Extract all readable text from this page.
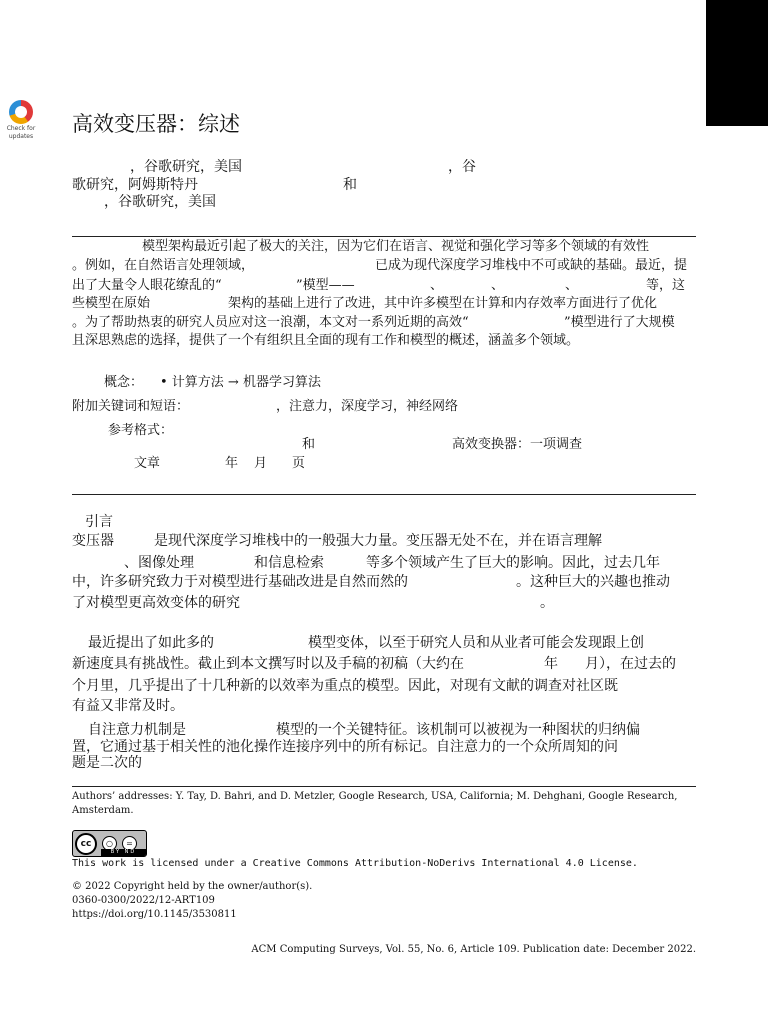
Check for
updates
高效变压器：综述
，谷歌研究，美国	，谷
歌研究，阿姆斯特丹	和
，谷歌研究，美国
模型架构最近引起了极大的关注，因为它们在语言、视觉和强化学习等多个领域的有效性
。例如，在自然语言处理领域，	已成为现代深度学习堆栈中不可或缺的基础。最近，提
出了大量令人眼花缭乱的“	”模型——	、	、	、	等，这
些模型在原始	架构的基础上进行了改进，其中许多模型在计算和内存效率方面进行了优化
。为了帮助热衷的研究人员应对这一浪潮，本文对一系列近期的高效“	”模型进行了大规模
且深思熟虑的选择，提供了一个有组织且全面的现有工作和模型的概述，涵盖多个领域。
概念： • 计算方法 → 机器学习算法
附加关键词和短语：	，注意力，深度学习，神经网络
参考格式：
和	高效变换器：一项调查
文章	年 月 页
引言
变压器	是现代深度学习堆栈中的一般强大力量。变压器无处不在，并在语言理解
、图像处理	和信息检索	等多个领域产生了巨大的影响。因此，过去几年
中，许多研究致力于对模型进行基础改进是自然而然的	。这种巨大的兴趣也推动
了对模型更高效变体的研究	。
最近提出了如此多的	模型变体，以至于研究人员和从业者可能会发现跟上创
新速度具有挑战性。截止到本文撰写时以及手稿的初稿（大约在	年 月），在过去的
个月里，几乎提出了十几种新的以效率为重点的模型。因此，对现有文献的调查对社区既
有益又非常及时。
自注意力机制是	模型的一个关键特征。该机制可以被视为一种图状的归纳偏
置，它通过基于相关性的池化操作连接序列中的所有标记。自注意力的一个众所周知的问
题是二次的
Authors’ addresses: Y. Tay, D. Bahri, and D. Metzler, Google Research, USA, California; M. Dehghani, Google Research,
Amsterdam.
cc	○	=
BY ND
This work is licensed under a Creative Commons Attribution-NoDerivs International 4.0 License.
© 2022 Copyright held by the owner/author(s).
0360-0300/2022/12-ART109
https://doi.org/10.1145/3530811
ACM Computing Surveys, Vol. 55, No. 6, Article 109. Publication date: December 2022.
